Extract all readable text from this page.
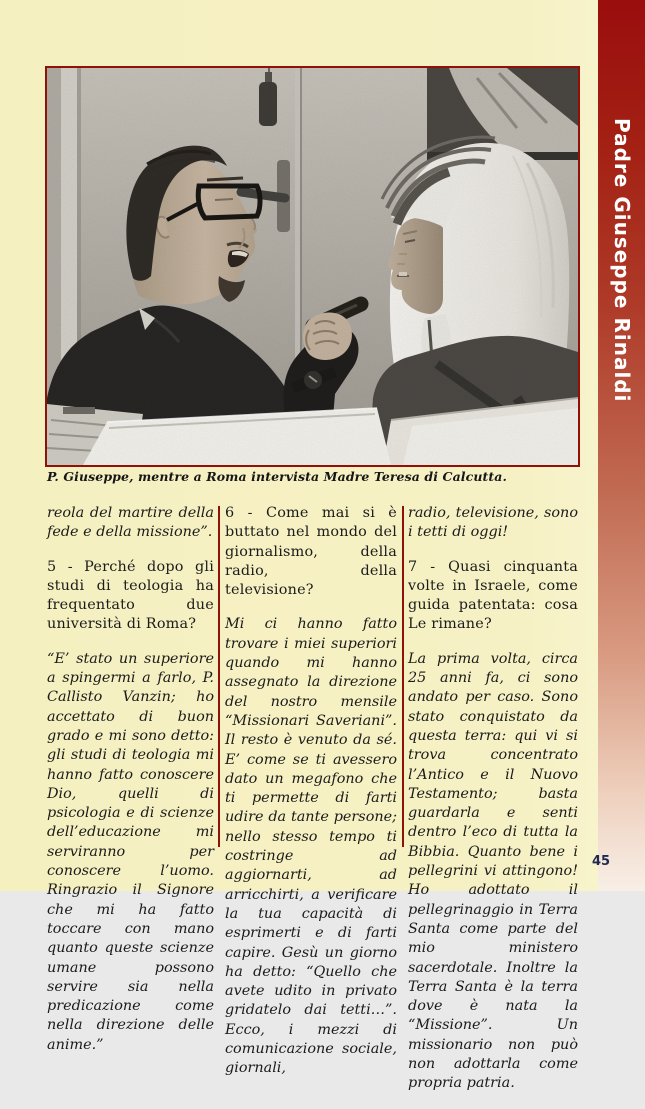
Padre Giuseppe Rinaldi
45
P. Giuseppe, mentre a Roma intervista Madre Teresa di Calcutta.

reola del martire della fede e della missione”.

5 - Perché dopo gli studi di teologia ha frequentato due università di Roma?

“E’ stato un superiore a spingermi a farlo, P. Callisto Vanzin; ho accettato di buon grado e mi sono detto: gli studi di teologia mi hanno fatto conoscere Dio, quelli di psicologia e di scienze dell’educazione mi serviranno per conoscere l’uomo. Ringrazio il Signore che mi ha fatto toccare con mano quanto queste scienze umane possono servire sia nella predicazione come nella direzione delle anime.”

6 - Come mai si è buttato nel mondo del giornalismo, della radio, della televisione?

Mi ci hanno fatto trovare i miei superiori quando mi hanno assegnato la direzione del nostro mensile “Missionari Saveriani”. Il resto è venuto da sé. E’ come se ti avessero dato un megafono che ti permette di farti udire da tante persone; nello stesso tempo ti costringe ad aggiornarti, ad arricchirti, a verificare la tua capacità di esprimerti e di farti capire. Gesù un giorno ha detto: “Quello che avete udito in privato gridatelo dai tetti…”. Ecco, i mezzi di comunicazione sociale, giornali,

radio, televisione, sono i tetti di oggi!

7 - Quasi cinquanta volte in Israele, come guida patentata: cosa Le rimane?

La prima volta, circa 25 anni fa, ci sono andato per caso. Sono stato conquistato da questa terra: qui vi si trova concentrato l’Antico e il Nuovo Testamento; basta guardarla e senti dentro l’eco di tutta la Bibbia. Quanto bene i pellegrini vi attingono! Ho adottato il pellegrinaggio in Terra Santa come parte del mio ministero sacerdotale. Inoltre la Terra Santa è la terra dove è nata la “Missione”. Un missionario non può non adottarla come propria patria.
